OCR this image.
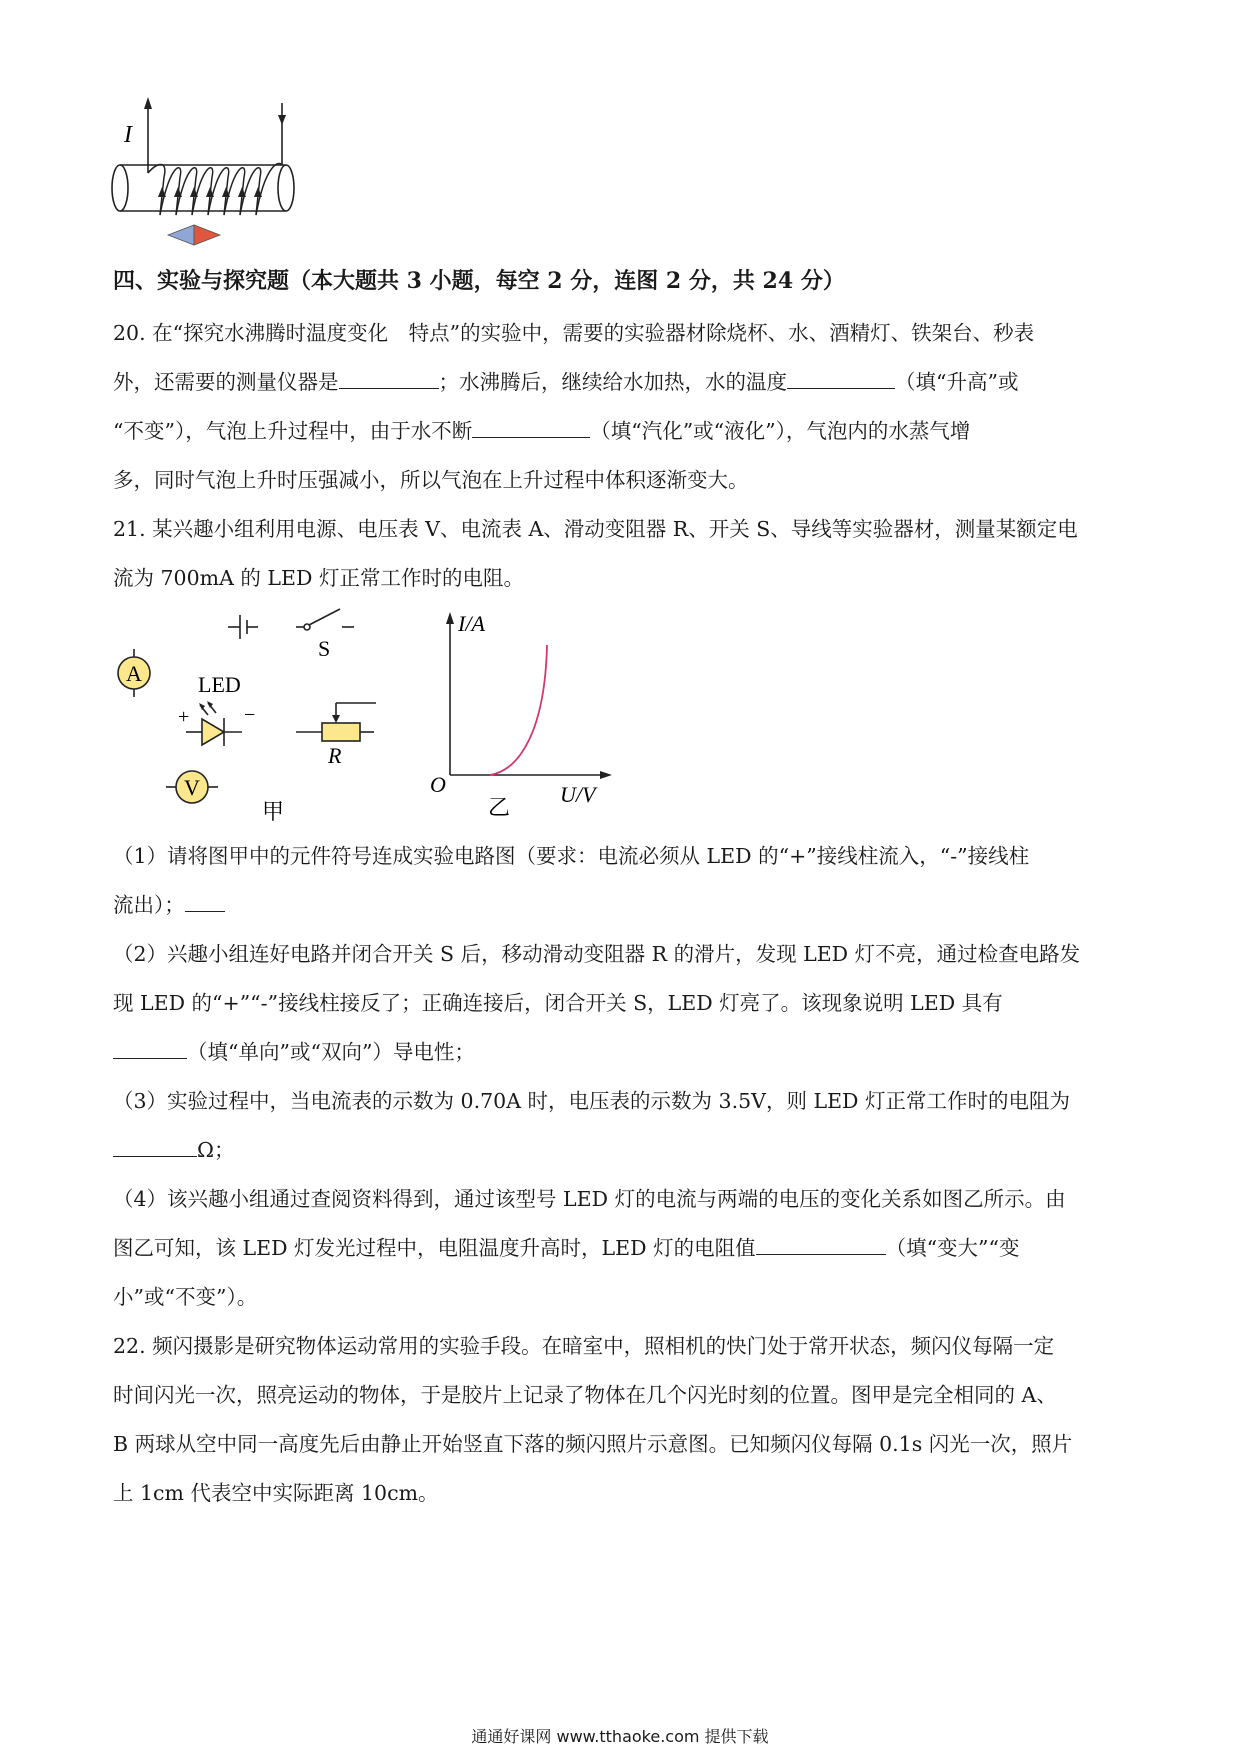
I
四、实验与探究题（本大题共 3 小题，每空 2 分，连图 2 分，共 24 分）
20. 在“探究水沸腾时温度变化　特点”的实验中，需要的实验器材除烧杯、水、酒精灯、铁架台、秒表
外，还需要的测量仪器是	；水沸腾后，继续给水加热，水的温度	（填“升高”或
“不变”），气泡上升过程中，由于水不断	（填“汽化”或“液化”），气泡内的水蒸气增
多，同时气泡上升时压强减小，所以气泡在上升过程中体积逐渐变大。
21. 某兴趣小组利用电源、电压表 V、电流表 A、滑动变阻器 R、开关 S、导线等实验器材，测量某额定电
流为 700mA 的 LED 灯正常工作时的电阻。
S
A	LED
+	−
R
V
甲
I/A
O	U/V
乙
（1）请将图甲中的元件符号连成实验电路图（要求：电流必须从 LED 的“+”接线柱流入，“-”接线柱
流出）；
（2）兴趣小组连好电路并闭合开关 S 后，移动滑动变阻器 R 的滑片，发现 LED 灯不亮，通过检查电路发
现 LED 的“+”“-”接线柱接反了；正确连接后，闭合开关 S，LED 灯亮了。该现象说明 LED 具有
（填“单向”或“双向”）导电性；
（3）实验过程中，当电流表的示数为 0.70A 时，电压表的示数为 3.5V，则 LED 灯正常工作时的电阻为
Ω；
（4）该兴趣小组通过查阅资料得到，通过该型号 LED 灯的电流与两端的电压的变化关系如图乙所示。由
图乙可知，该 LED 灯发光过程中，电阻温度升高时，LED 灯的电阻值	（填“变大”“变
小”或“不变”）。
22. 频闪摄影是研究物体运动常用的实验手段。在暗室中，照相机的快门处于常开状态，频闪仪每隔一定
时间闪光一次，照亮运动的物体，于是胶片上记录了物体在几个闪光时刻的位置。图甲是完全相同的 A、
B 两球从空中同一高度先后由静止开始竖直下落的频闪照片示意图。已知频闪仪每隔 0.1s 闪光一次，照片
上 1cm 代表空中实际距离 10cm。
通通好课网 www.tthaoke.com 提供下载
